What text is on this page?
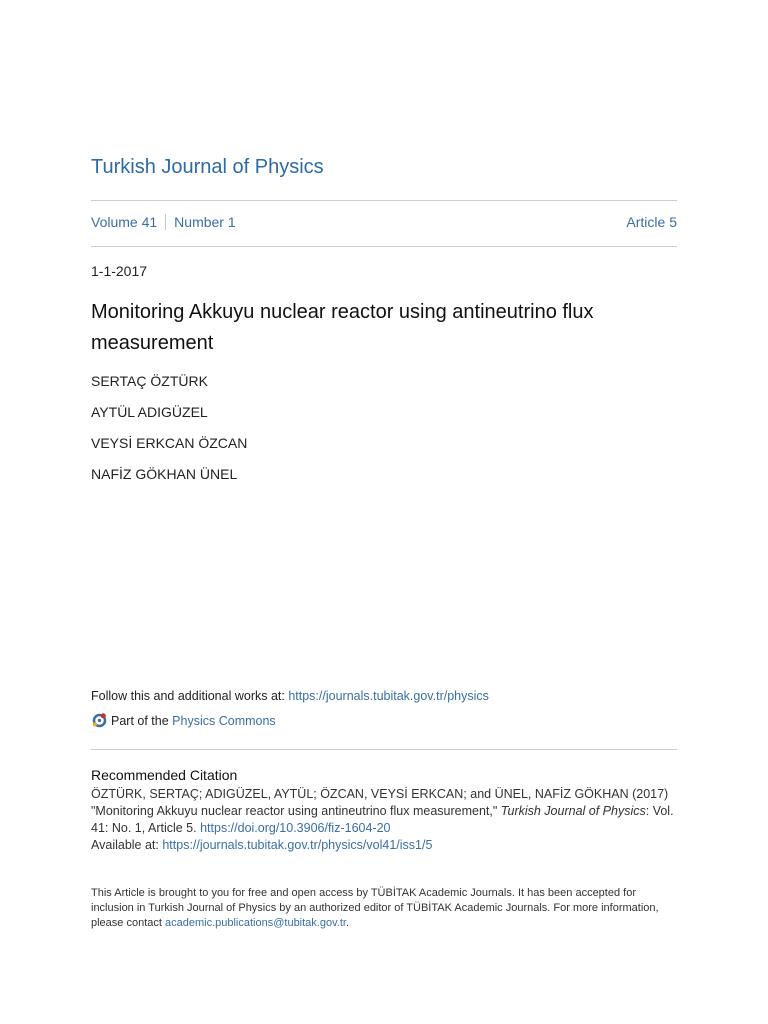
Turkish Journal of Physics
Volume 41 Number 1	Article 5
1-1-2017
Monitoring Akkuyu nuclear reactor using antineutrino flux measurement
SERTAÇ ÖZTÜRK
AYTÜL ADIGÜZEL
VEYSİ ERKCAN ÖZCAN
NAFİZ GÖKHAN ÜNEL
Follow this and additional works at: https://journals.tubitak.gov.tr/physics
Part of the
Physics Commons
Recommended Citation
ÖZTÜRK, SERTAÇ; ADIGÜZEL, AYTÜL; ÖZCAN, VEYSİ ERKCAN; and ÜNEL, NAFİZ GÖKHAN (2017)
"Monitoring Akkuyu nuclear reactor using antineutrino flux measurement," Turkish Journal of Physics: Vol. 41: No. 1, Article 5. https://doi.org/10.3906/fiz-1604-20
Available at: https://journals.tubitak.gov.tr/physics/vol41/iss1/5
This Article is brought to you for free and open access by TÜBİTAK Academic Journals. It has been accepted for inclusion in Turkish Journal of Physics by an authorized editor of TÜBİTAK Academic Journals. For more information, please contact academic.publications@tubitak.gov.tr.
